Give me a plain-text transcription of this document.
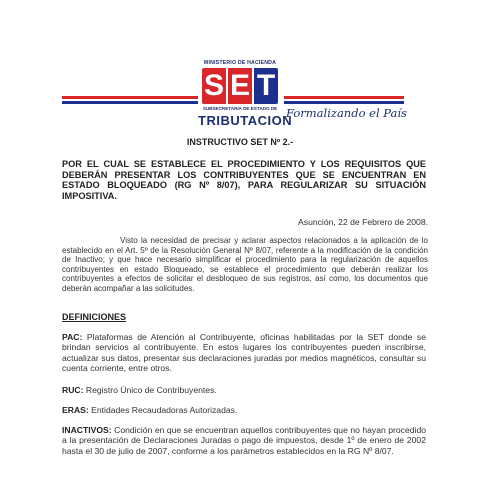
MINISTERIO DE HACIENDA
S E T
SUBSECRETARIA DE ESTADO DE
TRIBUTACION
Formalizando el País

INSTRUCTIVO SET Nº 2.-

POR EL CUAL SE ESTABLECE EL PROCEDIMIENTO Y LOS REQUISITOS QUE DEBERÁN PRESENTAR LOS CONTRIBUYENTES QUE SE ENCUENTRAN EN ESTADO BLOQUEADO (RG Nº 8/07), PARA REGULARIZAR SU SITUACIÓN IMPOSITIVA.

Asunción, 22 de Febrero de 2008.

Visto la necesidad de precisar y aclarar aspectos relacionados a la aplicación de lo establecido en el Art. 5º de la Resolución General Nº 8/07, referente a la modificación de la condición de Inactivo; y que hace necesario simplificar el procedimiento para la regularización de aquellos contribuyentes en estado Bloqueado, se establece el procedimiento que deberán realizar los contribuyentes a efectos de solicitar el desbloqueo de sus registros, así como, los documentos que deberán acompañar a las solicitudes.

DEFINICIONES

PAC: Plataformas de Atención al Contribuyente, oficinas habilitadas por la SET donde se brindan servicios al contribuyente. En estos lugares los contribuyentes pueden inscribirse, actualizar sus datos, presentar sus declaraciones juradas por medios magnéticos, consultar su cuenta corriente, entre otros.

RUC: Registro Único de Contribuyentes.

ERAS: Entidades Recaudadoras Autorizadas.

INACTIVOS: Condición en que se encuentran aquellos contribuyentes que no hayan procedido a la presentación de Declaraciones Juradas o pago de impuestos, desde 1º de enero de 2002 hasta el 30 de julio de 2007, conforme a los parámetros establecidos en la RG Nº 8/07.
